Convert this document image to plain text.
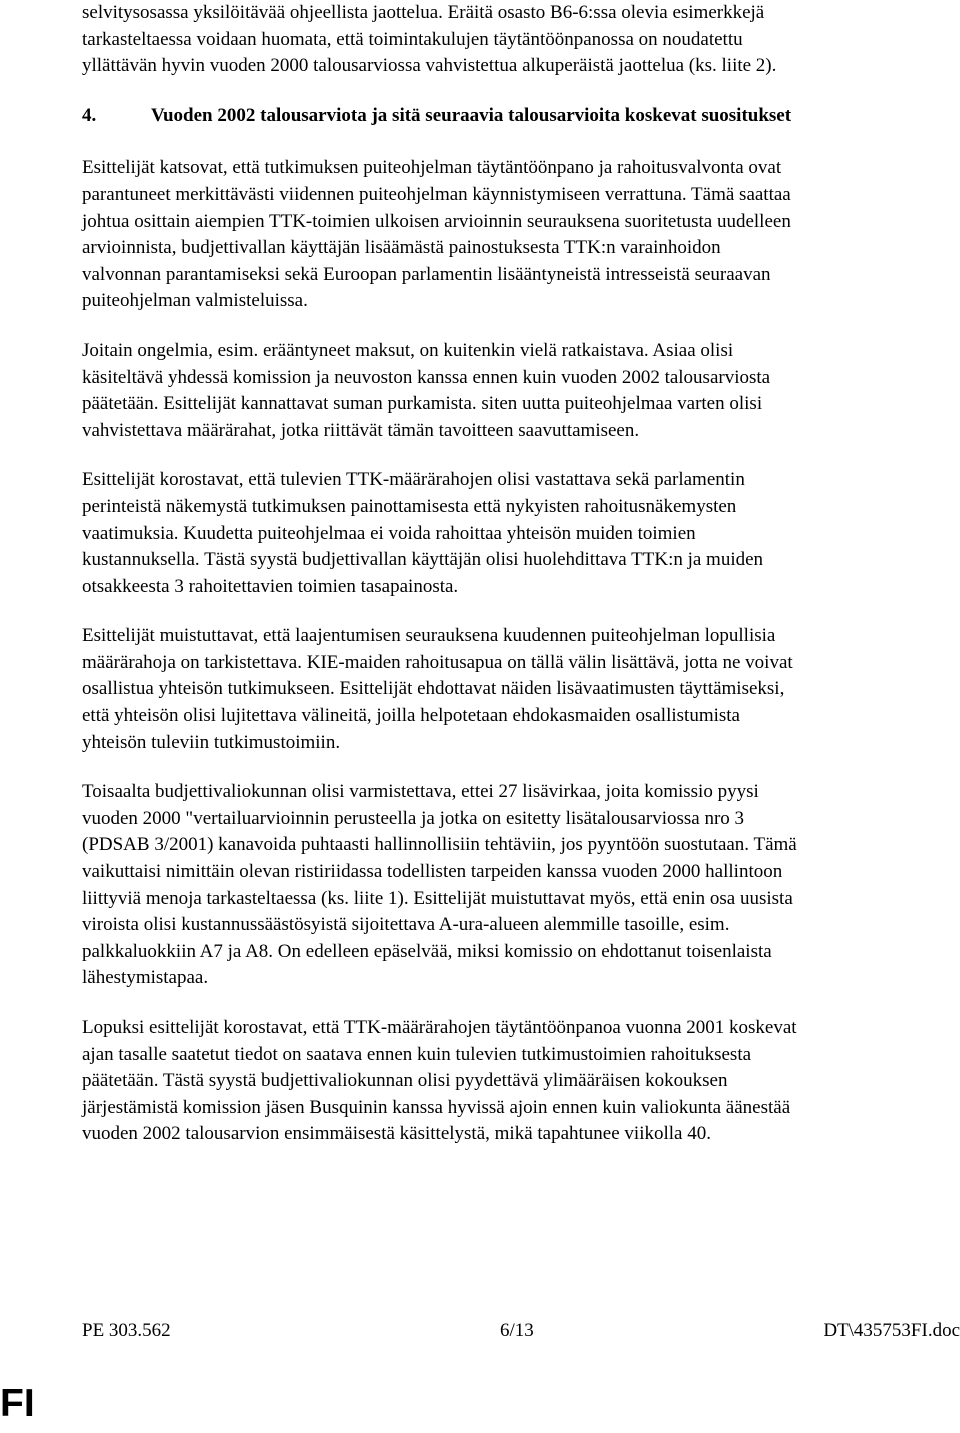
selvitysosassa yksilöitävää ohjeellista jaottelua. Eräitä osasto B6-6:ssa olevia esimerkkejä
tarkasteltaessa voidaan huomata, että toimintakulujen täytäntöönpanossa on noudatettu
yllättävän hyvin vuoden 2000 talousarviossa vahvistettua alkuperäistä jaottelua (ks. liite 2).

4.	Vuoden 2002 talousarviota ja sitä seuraavia talousarvioita koskevat suositukset

Esittelijät katsovat, että tutkimuksen puiteohjelman täytäntöönpano ja rahoitusvalvonta ovat
parantuneet merkittävästi viidennen puiteohjelman käynnistymiseen verrattuna. Tämä saattaa
johtua osittain aiempien TTK-toimien ulkoisen arvioinnin seurauksena suoritetusta uudelleen
arvioinnista, budjettivallan käyttäjän lisäämästä painostuksesta TTK:n varainhoidon
valvonnan parantamiseksi sekä Euroopan parlamentin lisääntyneistä intresseistä seuraavan
puiteohjelman valmisteluissa.

Joitain ongelmia, esim. erääntyneet maksut, on kuitenkin vielä ratkaistava. Asiaa olisi
käsiteltävä yhdessä komission ja neuvoston kanssa ennen kuin vuoden 2002 talousarviosta
päätetään. Esittelijät kannattavat suman purkamista. siten uutta puiteohjelmaa varten olisi
vahvistettava määrärahat, jotka riittävät tämän tavoitteen saavuttamiseen.

Esittelijät korostavat, että tulevien TTK-määrärahojen olisi vastattava sekä parlamentin
perinteistä näkemystä tutkimuksen painottamisesta että nykyisten rahoitusnäkemysten
vaatimuksia. Kuudetta puiteohjelmaa ei voida rahoittaa yhteisön muiden toimien
kustannuksella. Tästä syystä budjettivallan käyttäjän olisi huolehdittava TTK:n ja muiden
otsakkeesta 3 rahoitettavien toimien tasapainosta.

Esittelijät muistuttavat, että laajentumisen seurauksena kuudennen puiteohjelman lopullisia
määrärahoja on tarkistettava. KIE-maiden rahoitusapua on tällä välin lisättävä, jotta ne voivat
osallistua yhteisön tutkimukseen. Esittelijät ehdottavat näiden lisävaatimusten täyttämiseksi,
että yhteisön olisi lujitettava välineitä, joilla helpotetaan ehdokasmaiden osallistumista
yhteisön tuleviin tutkimustoimiin.

Toisaalta budjettivaliokunnan olisi varmistettava, ettei 27 lisävirkaa, joita komissio pyysi
vuoden 2000 "vertailuarvioinnin perusteella ja jotka on esitetty lisätalousarviossa nro 3
(PDSAB 3/2001) kanavoida puhtaasti hallinnollisiin tehtäviin, jos pyyntöön suostutaan. Tämä
vaikuttaisi nimittäin olevan ristiriidassa todellisten tarpeiden kanssa vuoden 2000 hallintoon
liittyviä menoja tarkasteltaessa (ks. liite 1). Esittelijät muistuttavat myös, että enin osa uusista
viroista olisi kustannussäästösyistä sijoitettava A-ura-alueen alemmille tasoille, esim.
palkkaluokkiin A7 ja A8. On edelleen epäselvää, miksi komissio on ehdottanut toisenlaista
lähestymistapaa.

Lopuksi esittelijät korostavat, että TTK-määrärahojen täytäntöönpanoa vuonna 2001 koskevat
ajan tasalle saatetut tiedot on saatava ennen kuin tulevien tutkimustoimien rahoituksesta
päätetään. Tästä syystä budjettivaliokunnan olisi pyydettävä ylimääräisen kokouksen
järjestämistä komission jäsen Busquinin kanssa hyvissä ajoin ennen kuin valiokunta äänestää
vuoden 2002 talousarvion ensimmäisestä käsittelystä, mikä tapahtunee viikolla 40.

PE 303.562	6/13	DT\435753FI.doc
FI
